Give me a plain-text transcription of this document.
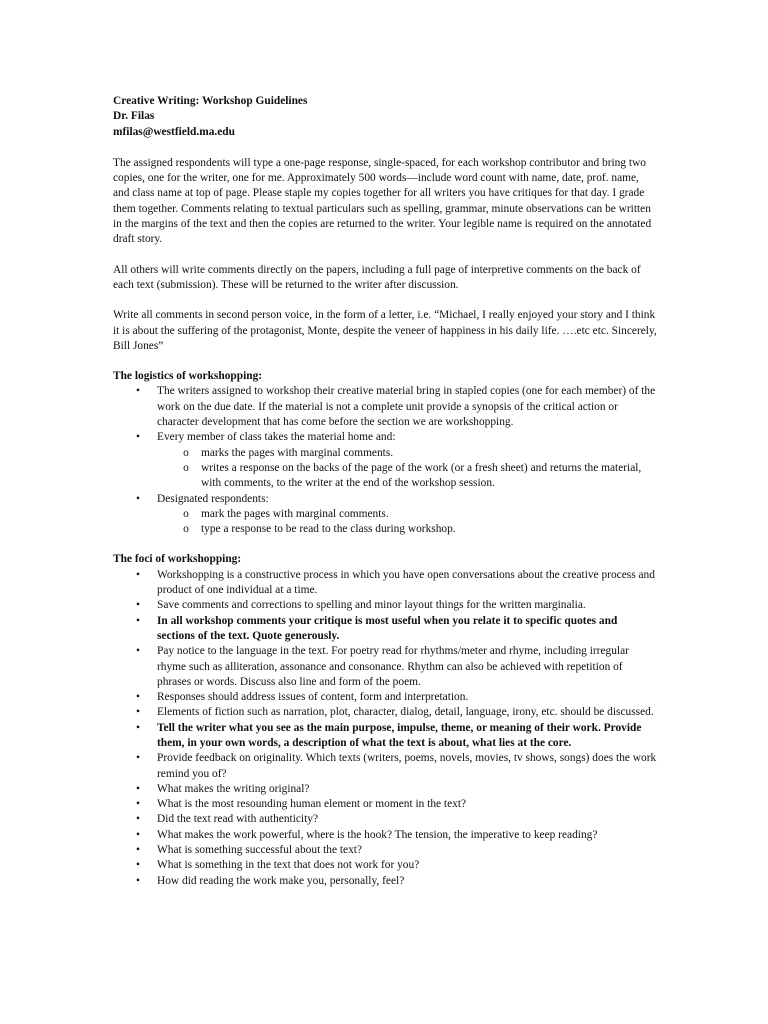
Creative Writing: Workshop Guidelines
Dr. Filas
mfilas@westfield.ma.edu

The assigned respondents will type a one-page response, single-spaced, for each workshop contributor and bring two copies, one for the writer, one for me. Approximately 500 words—include word count with name, date, prof. name, and class name at top of page. Please staple my copies together for all writers you have critiques for that day. I grade them together. Comments relating to textual particulars such as spelling, grammar, minute observations can be written in the margins of the text and then the copies are returned to the writer. Your legible name is required on the annotated draft story.

All others will write comments directly on the papers, including a full page of interpretive comments on the back of each text (submission). These will be returned to the writer after discussion.

Write all comments in second person voice, in the form of a letter, i.e. “Michael, I really enjoyed your story and I think it is about the suffering of the protagonist, Monte, despite the veneer of happiness in his daily life. ….etc etc. Sincerely, Bill Jones”

The logistics of workshopping:
• The writers assigned to workshop their creative material bring in stapled copies (one for each member) of the work on the due date. If the material is not a complete unit provide a synopsis of the critical action or character development that has come before the section we are workshopping.
• Every member of class takes the material home and:
o marks the pages with marginal comments.
o writes a response on the backs of the page of the work (or a fresh sheet) and returns the material, with comments, to the writer at the end of the workshop session.
• Designated respondents:
o mark the pages with marginal comments.
o type a response to be read to the class during workshop.
The foci of workshopping:
• Workshopping is a constructive process in which you have open conversations about the creative process and product of one individual at a time.
• Save comments and corrections to spelling and minor layout things for the written marginalia.
• In all workshop comments your critique is most useful when you relate it to specific quotes and sections of the text. Quote generously.
• Pay notice to the language in the text. For poetry read for rhythms/meter and rhyme, including irregular rhyme such as alliteration, assonance and consonance. Rhythm can also be achieved with repetition of phrases or words. Discuss also line and form of the poem.
• Responses should address issues of content, form and interpretation.
• Elements of fiction such as narration, plot, character, dialog, detail, language, irony, etc. should be discussed.
• Tell the writer what you see as the main purpose, impulse, theme, or meaning of their work. Provide them, in your own words, a description of what the text is about, what lies at the core.
• Provide feedback on originality. Which texts (writers, poems, novels, movies, tv shows, songs) does the work remind you of?
• What makes the writing original?
• What is the most resounding human element or moment in the text?
• Did the text read with authenticity?
• What makes the work powerful, where is the hook? The tension, the imperative to keep reading?
• What is something successful about the text?
• What is something in the text that does not work for you?
• How did reading the work make you, personally, feel?
